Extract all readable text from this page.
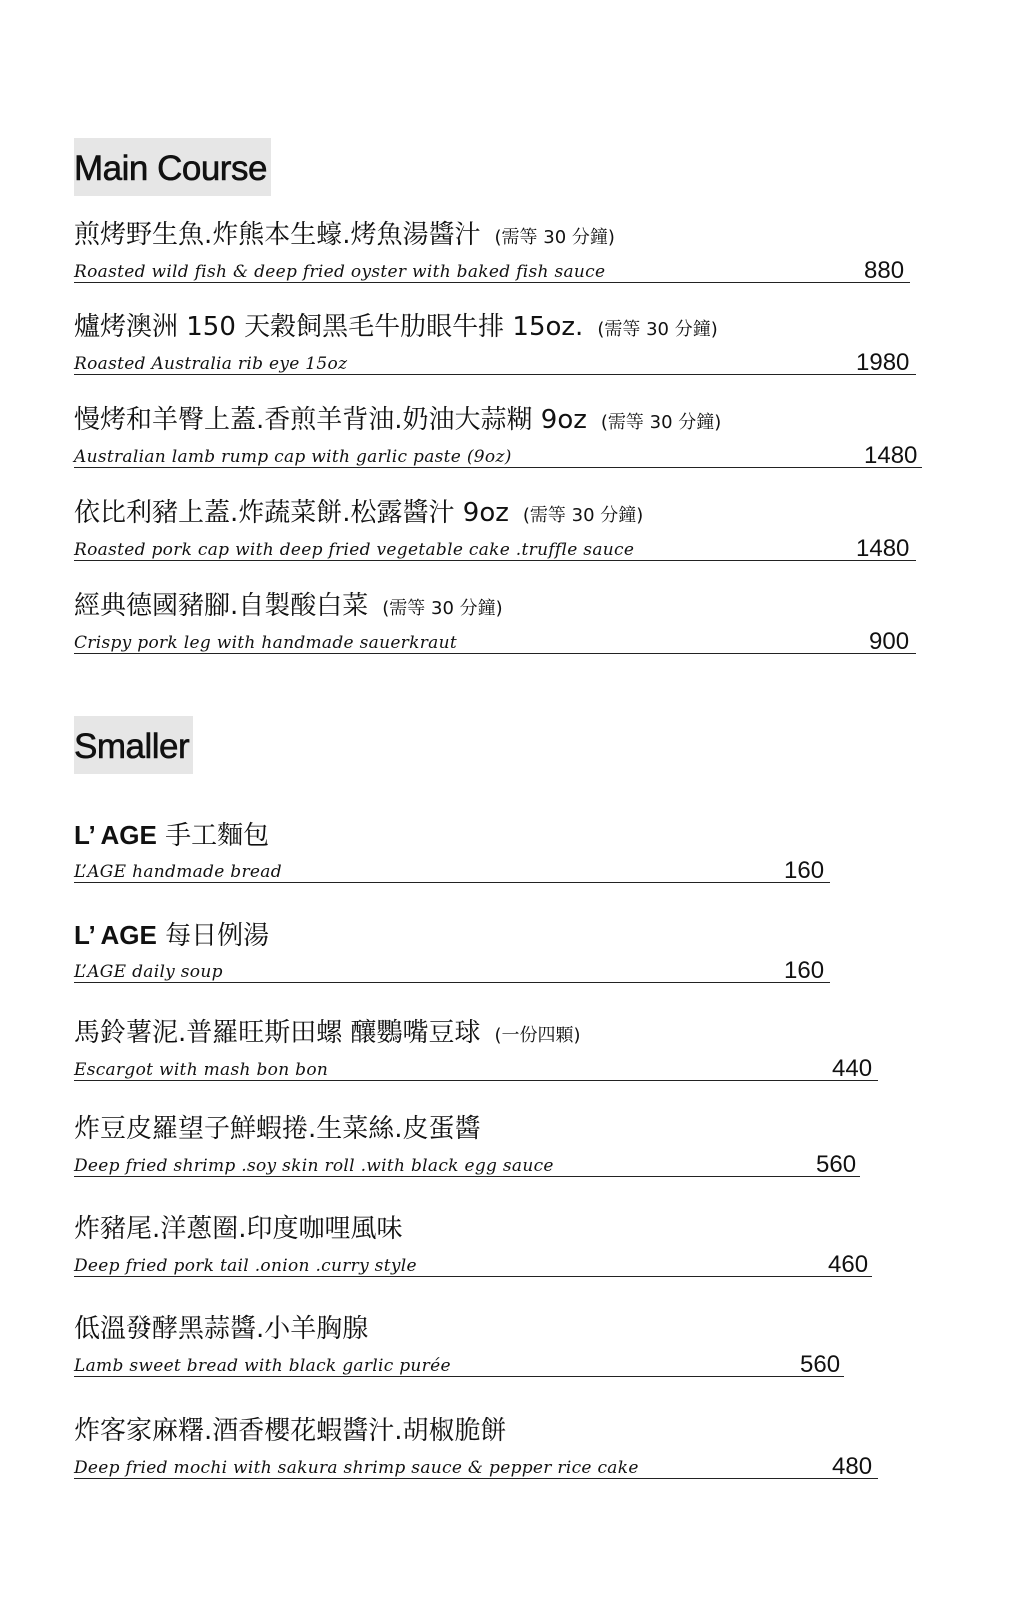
Main Course
煎烤野生魚.炸熊本生蠔.烤魚湯醬汁 (需等 30 分鐘)
Roasted wild fish & deep fried oyster with baked fish sauce	880
爐烤澳洲 150 天穀飼黑毛牛肋眼牛排 15oz. (需等 30 分鐘)
Roasted Australia rib eye 15oz	1980
慢烤和羊臀上蓋.香煎羊背油.奶油大蒜糊 9oz (需等 30 分鐘)
Australian lamb rump cap with garlic paste (9oz)	1480
依比利豬上蓋.炸蔬菜餅.松露醬汁 9oz (需等 30 分鐘)
Roasted pork cap with deep fried vegetable cake .truffle sauce	1480
經典德國豬腳.自製酸白菜 (需等 30 分鐘)
Crispy pork leg with handmade sauerkraut	900
Smaller
L’ AGE 手工麵包
L’AGE handmade bread	160
L’ AGE 每日例湯
L’AGE daily soup	160
馬鈴薯泥.普羅旺斯田螺 釀鸚嘴豆球 (一份四顆)
Escargot with mash bon bon	440
炸豆皮羅望子鮮蝦捲.生菜絲.皮蛋醬
Deep fried shrimp .soy skin roll .with black egg sauce	560
炸豬尾.洋蔥圈.印度咖哩風味
Deep fried pork tail .onion .curry style	460
低溫發酵黑蒜醬.小羊胸腺
Lamb sweet bread with black garlic purée	560
炸客家麻糬.酒香櫻花蝦醬汁.胡椒脆餅
Deep fried mochi with sakura shrimp sauce & pepper rice cake	480
